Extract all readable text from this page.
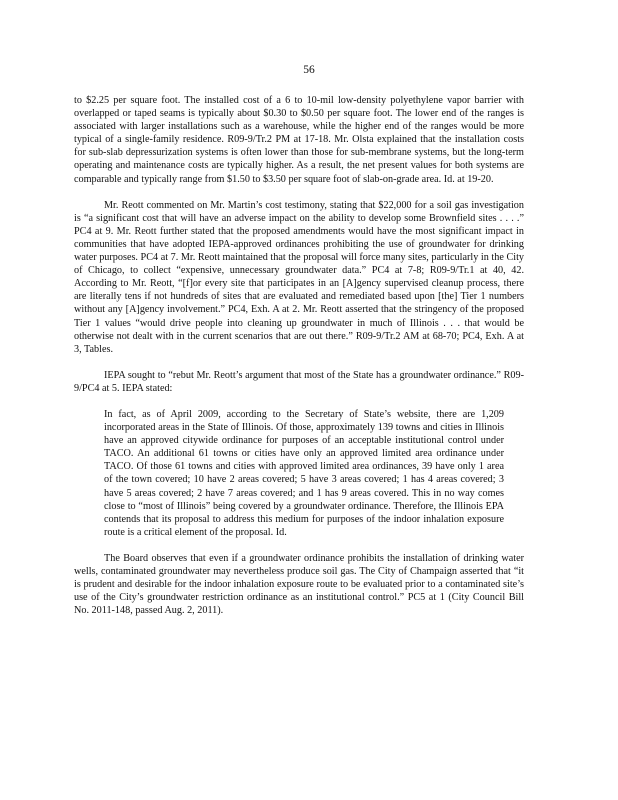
56

to $2.25 per square foot. The installed cost of a 6 to 10-mil low-density polyethylene vapor barrier with overlapped or taped seams is typically about $0.30 to $0.50 per square foot. The lower end of the ranges is associated with larger installations such as a warehouse, while the higher end of the ranges would be more typical of a single-family residence. R09-9/Tr.2 PM at 17-18. Mr. Olsta explained that the installation costs for sub-slab depressurization systems is often lower than those for sub-membrane systems, but the long-term operating and maintenance costs are typically higher. As a result, the net present values for both systems are comparable and typically range from $1.50 to $3.50 per square foot of slab-on-grade area. Id. at 19-20.

Mr. Reott commented on Mr. Martin’s cost testimony, stating that $22,000 for a soil gas investigation is “a significant cost that will have an adverse impact on the ability to develop some Brownfield sites . . . .” PC4 at 9. Mr. Reott further stated that the proposed amendments would have the most significant impact in communities that have adopted IEPA-approved ordinances prohibiting the use of groundwater for drinking water purposes. PC4 at 7. Mr. Reott maintained that the proposal will force many sites, particularly in the City of Chicago, to collect “expensive, unnecessary groundwater data.” PC4 at 7-8; R09-9/Tr.1 at 40, 42. According to Mr. Reott, “[f]or every site that participates in an [A]gency supervised cleanup process, there are literally tens if not hundreds of sites that are evaluated and remediated based upon [the] Tier 1 numbers without any [A]gency involvement.” PC4, Exh. A at 2. Mr. Reott asserted that the stringency of the proposed Tier 1 values “would drive people into cleaning up groundwater in much of Illinois . . . that would be otherwise not dealt with in the current scenarios that are out there.” R09-9/Tr.2 AM at 68-70; PC4, Exh. A at 3, Tables.

IEPA sought to “rebut Mr. Reott’s argument that most of the State has a groundwater ordinance.” R09-9/PC4 at 5. IEPA stated:

In fact, as of April 2009, according to the Secretary of State’s website, there are 1,209 incorporated areas in the State of Illinois. Of those, approximately 139 towns and cities in Illinois have an approved citywide ordinance for purposes of an acceptable institutional control under TACO. An additional 61 towns or cities have only an approved limited area ordinance under TACO. Of those 61 towns and cities with approved limited area ordinances, 39 have only 1 area of the town covered; 10 have 2 areas covered; 5 have 3 areas covered; 1 has 4 areas covered; 3 have 5 areas covered; 2 have 7 areas covered; and 1 has 9 areas covered. This in no way comes close to “most of Illinois” being covered by a groundwater ordinance. Therefore, the Illinois EPA contends that its proposal to address this medium for purposes of the indoor inhalation exposure route is a critical element of the proposal. Id.

The Board observes that even if a groundwater ordinance prohibits the installation of drinking water wells, contaminated groundwater may nevertheless produce soil gas. The City of Champaign asserted that “it is prudent and desirable for the indoor inhalation exposure route to be evaluated prior to a contaminated site’s use of the City’s groundwater restriction ordinance as an institutional control.” PC5 at 1 (City Council Bill No. 2011-148, passed Aug. 2, 2011).
